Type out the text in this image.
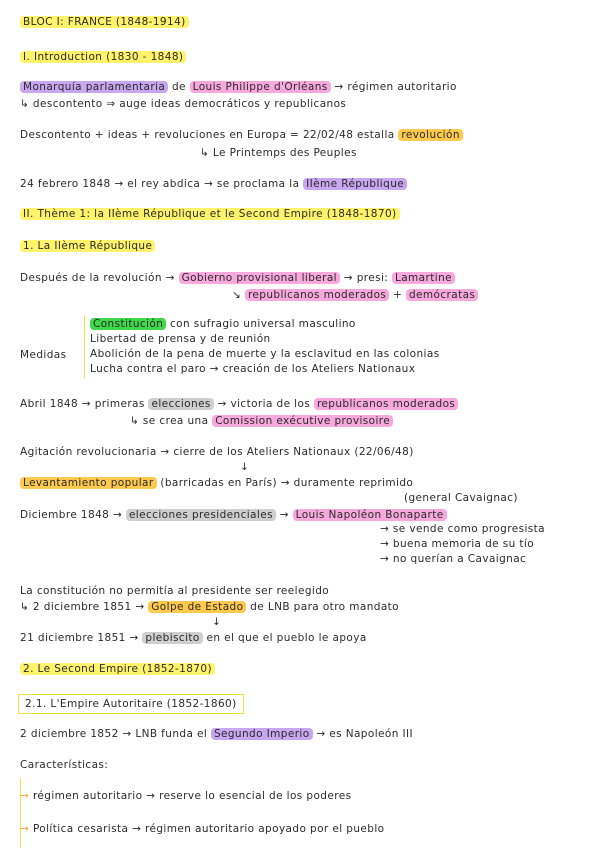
BLOC I: FRANCE (1848-1914)
I. Introduction (1830 - 1848)
Monarquía parlamentaria de Louis Philippe d'Orléans → régimen autoritario
↳ descontento ⇒ auge ideas democráticos y republicanos
Descontento + ideas + revoluciones en Europa = 22/02/48 estalla revolución
↳ Le Printemps des Peuples
24 febrero 1848 → el rey abdica → se proclama la IIème République
II. Thème 1: la IIème République et le Second Empire (1848-1870)
1. La IIème République
Después de la revolución → Gobierno provisional liberal → presi: Lamartine
↘ republicanos moderados + demócratas
Medidas
Constitución con sufragio universal masculino
Libertad de prensa y de reunión
Abolición de la pena de muerte y la esclavitud en las colonias
Lucha contra el paro → creación de los Ateliers Nationaux
Abril 1848 → primeras elecciones → victoria de los republicanos moderados
↳ se crea una Comission exécutive provisoire
Agitación revolucionaria → cierre de los Ateliers Nationaux (22/06/48)
↓
Levantamiento popular (barricadas en París) → duramente reprimido
(general Cavaignac)
Diciembre 1848 → elecciones presidenciales → Louis Napoléon Bonaparte
→ se vende como progresista
→ buena memoria de su tío
→ no querían a Cavaignac
La constitución no permitía al presidente ser reelegido
↳ 2 diciembre 1851 → Golpe de Estado de LNB para otro mandato
↓
21 diciembre 1851 → plebiscito en el que el pueblo le apoya
2. Le Second Empire (1852-1870)
2.1. L'Empire Autoritaire (1852-1860)
2 diciembre 1852 → LNB funda el Segundo Imperio → es Napoleón III
Características:
→ régimen autoritario → reserve lo esencial de los poderes
→ Política cesarista → régimen autoritario apoyado por el pueblo
